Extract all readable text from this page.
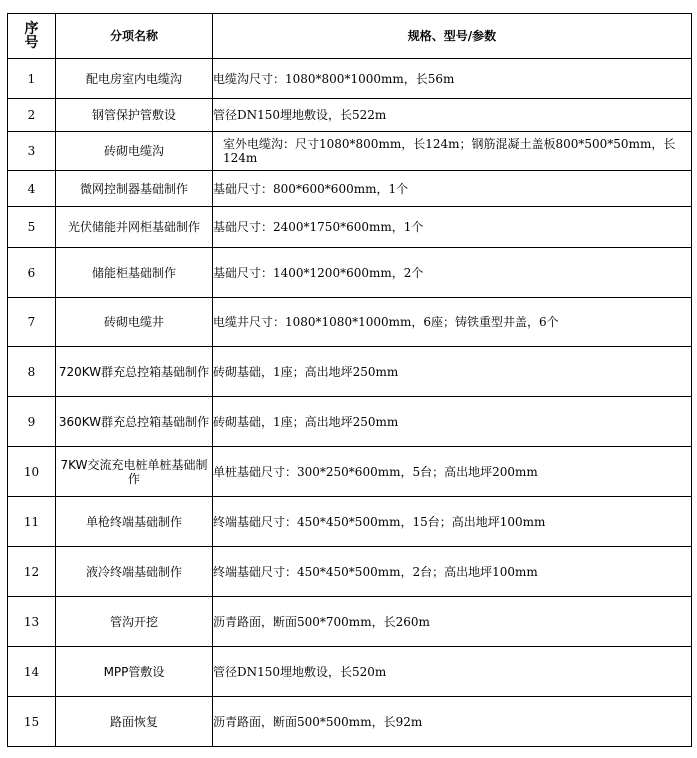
序号	分项名称	规格、型号/参数
1	配电房室内电缆沟	电缆沟尺寸：1080*800*1000mm，长56m
2	钢管保护管敷设	管径DN150埋地敷设，长522m
3	砖砌电缆沟	室外电缆沟：尺寸1080*800mm，长124m；钢筋混凝土盖板800*500*50mm，长124m
4	微网控制器基础制作	基础尺寸：800*600*600mm，1个
5	光伏储能并网柜基础制作	基础尺寸：2400*1750*600mm，1个
6	储能柜基础制作	基础尺寸：1400*1200*600mm，2个
7	砖砌电缆井	电缆井尺寸：1080*1080*1000mm，6座；铸铁重型井盖，6个
8	720KW群充总控箱基础制作	砖砌基础，1座；高出地坪250mm
9	360KW群充总控箱基础制作	砖砌基础，1座；高出地坪250mm
10	7KW交流充电桩单桩基础制作	单桩基础尺寸：300*250*600mm，5台；高出地坪200mm
11	单枪终端基础制作	终端基础尺寸：450*450*500mm，15台；高出地坪100mm
12	液冷终端基础制作	终端基础尺寸：450*450*500mm，2台；高出地坪100mm
13	管沟开挖	沥青路面，断面500*700mm，长260m
14	MPP管敷设	管径DN150埋地敷设，长520m
15	路面恢复	沥青路面，断面500*500mm，长92m
